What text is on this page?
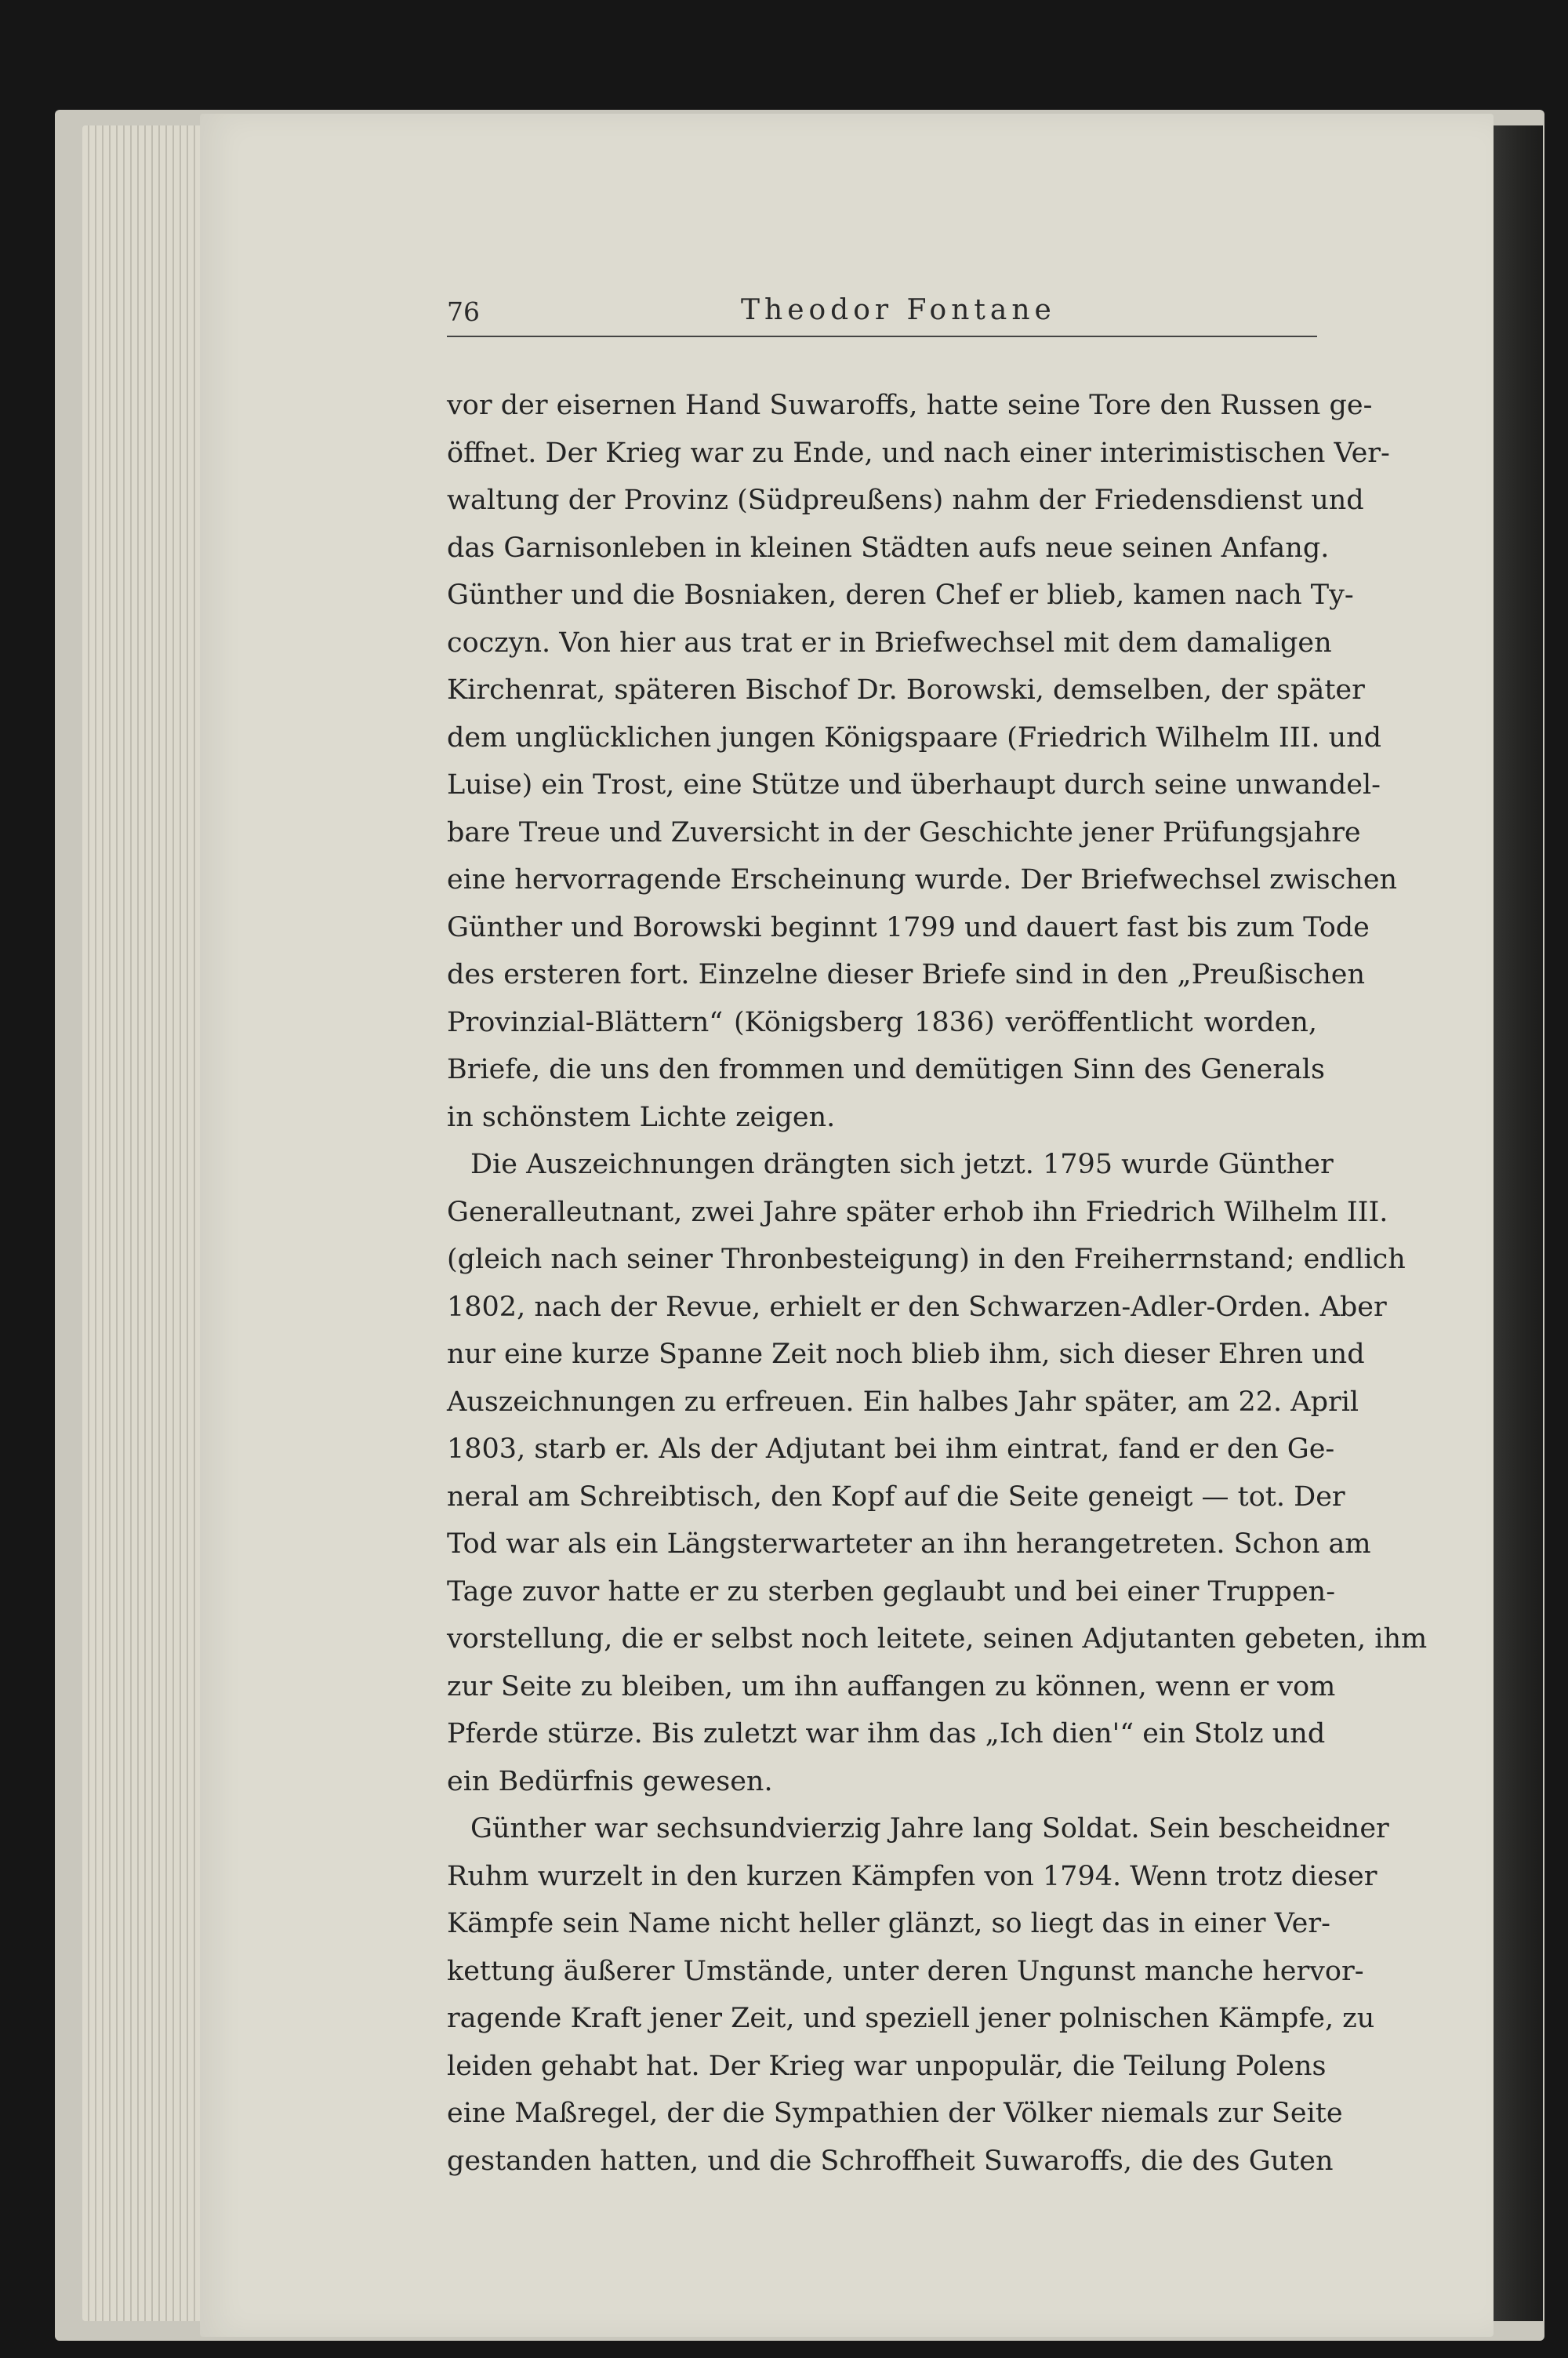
76	Theodor Fontane
vor der eisernen Hand Suwaroffs, hatte seine Tore den Russen ge-
öffnet. Der Krieg war zu Ende, und nach einer interimistischen Ver-
waltung der Provinz (Südpreußens) nahm der Friedensdienst und
das Garnisonleben in kleinen Städten aufs neue seinen Anfang.
Günther und die Bosniaken, deren Chef er blieb, kamen nach Ty-
coczyn. Von hier aus trat er in Briefwechsel mit dem damaligen
Kirchenrat, späteren Bischof Dr. Borowski, demselben, der später
dem unglücklichen jungen Königspaare (Friedrich Wilhelm III. und
Luise) ein Trost, eine Stütze und überhaupt durch seine unwandel-
bare Treue und Zuversicht in der Geschichte jener Prüfungsjahre
eine hervorragende Erscheinung wurde. Der Briefwechsel zwischen
Günther und Borowski beginnt 1799 und dauert fast bis zum Tode
des ersteren fort. Einzelne dieser Briefe sind in den „Preußischen
Provinzial-Blättern“ (Königsberg 1836) veröffentlicht worden,
Briefe, die uns den frommen und demütigen Sinn des Generals
in schönstem Lichte zeigen.
Die Auszeichnungen drängten sich jetzt. 1795 wurde Günther
Generalleutnant, zwei Jahre später erhob ihn Friedrich Wilhelm III.
(gleich nach seiner Thronbesteigung) in den Freiherrnstand; endlich
1802, nach der Revue, erhielt er den Schwarzen-Adler-Orden. Aber
nur eine kurze Spanne Zeit noch blieb ihm, sich dieser Ehren und
Auszeichnungen zu erfreuen. Ein halbes Jahr später, am 22. April
1803, starb er. Als der Adjutant bei ihm eintrat, fand er den Ge-
neral am Schreibtisch, den Kopf auf die Seite geneigt — tot. Der
Tod war als ein Längsterwarteter an ihn herangetreten. Schon am
Tage zuvor hatte er zu sterben geglaubt und bei einer Truppen-
vorstellung, die er selbst noch leitete, seinen Adjutanten gebeten, ihm
zur Seite zu bleiben, um ihn auffangen zu können, wenn er vom
Pferde stürze. Bis zuletzt war ihm das „Ich dien'“ ein Stolz und
ein Bedürfnis gewesen.
Günther war sechsundvierzig Jahre lang Soldat. Sein bescheidner
Ruhm wurzelt in den kurzen Kämpfen von 1794. Wenn trotz dieser
Kämpfe sein Name nicht heller glänzt, so liegt das in einer Ver-
kettung äußerer Umstände, unter deren Ungunst manche hervor-
ragende Kraft jener Zeit, und speziell jener polnischen Kämpfe, zu
leiden gehabt hat. Der Krieg war unpopulär, die Teilung Polens
eine Maßregel, der die Sympathien der Völker niemals zur Seite
gestanden hatten, und die Schroffheit Suwaroffs, die des Guten
